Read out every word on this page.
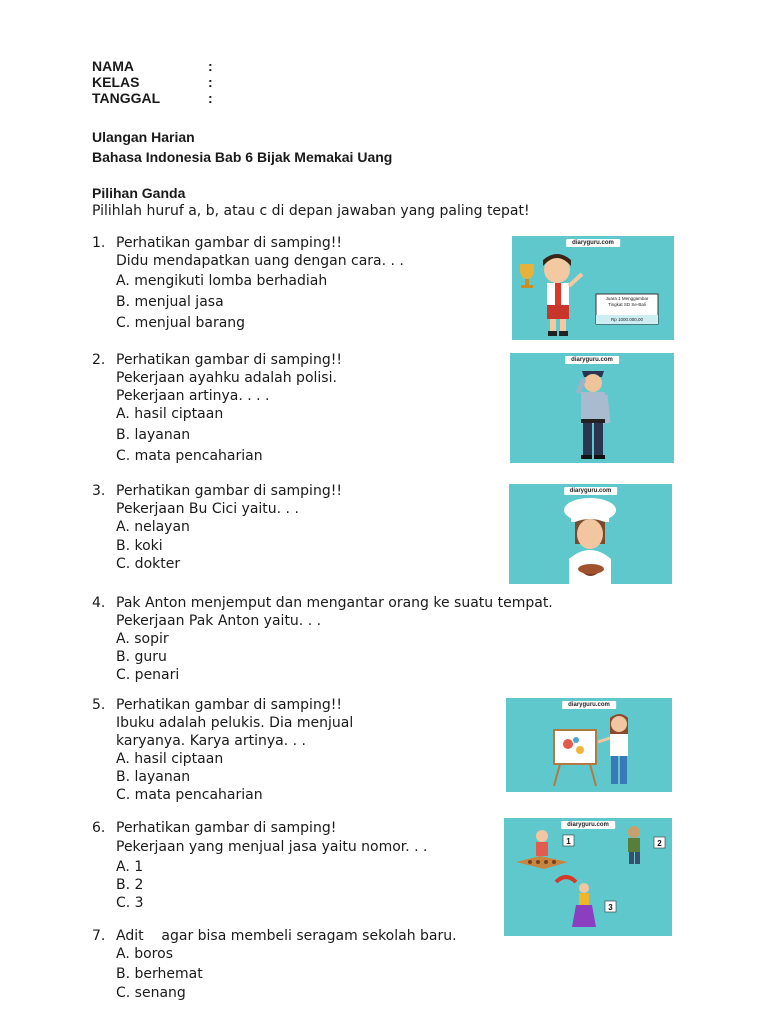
NAMA	:
KELAS	:
TANGGAL	:
Ulangan Harian
Bahasa Indonesia Bab 6 Bijak Memakai Uang
Pilihan Ganda
Pilihlah huruf a, b, atau c di depan jawaban yang paling tepat!
1. Perhatikan gambar di samping!!
Didu mendapatkan uang dengan cara. . .
A. mengikuti lomba berhadiah
B. menjual jasa
C. menjual barang
diaryguru.com
Juara 1 Menggambar
Tingkat SD Se-Bali
Rp 1000.000,00
2. Perhatikan gambar di samping!!
Pekerjaan ayahku adalah polisi.
Pekerjaan artinya. . . .
A. hasil ciptaan
B. layanan
C. mata pencaharian
diaryguru.com
3. Perhatikan gambar di samping!!
Pekerjaan Bu Cici yaitu. . .
A. nelayan
B. koki
C. dokter
diaryguru.com
4. Pak Anton menjemput dan mengantar orang ke suatu tempat.
Pekerjaan Pak Anton yaitu. . .
A. sopir
B. guru
C. penari
5. Perhatikan gambar di samping!!
Ibuku adalah pelukis. Dia menjual
karyanya. Karya artinya. . .
A. hasil ciptaan
B. layanan
C. mata pencaharian
diaryguru.com
6. Perhatikan gambar di samping!
Pekerjaan yang menjual jasa yaitu nomor. . .
A. 1
B. 2
C. 3
diaryguru.com
1	2
3
7. Adit    agar bisa membeli seragam sekolah baru.
A. boros
B. berhemat
C. senang
